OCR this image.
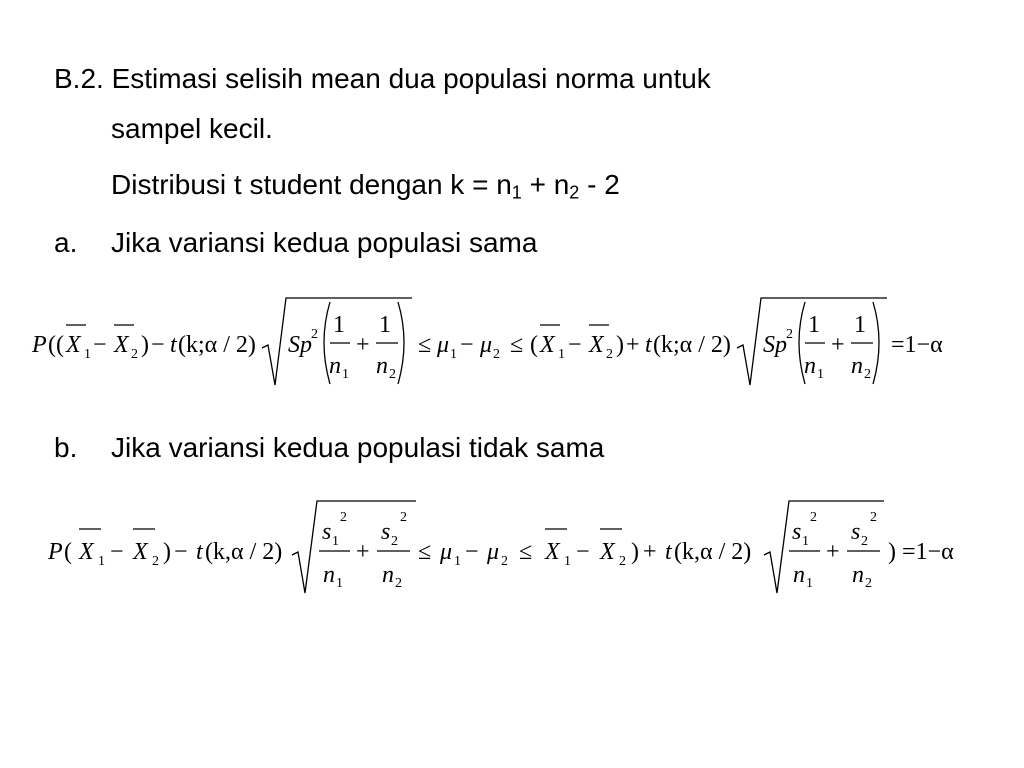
B.2. Estimasi selisih mean dua populasi norma untuk
sampel kecil.
Distribusi t student dengan $k = n_1 + n_2 - 2$
a. Jika variansi kedua populasi sama
b. Jika variansi kedua populasi tidak sama
P (( X 1 − X 2 ) − t (k;α / 2) Sp 2 1
n 1
+
1
n 2
≤ μ 1 − μ 2 ≤ ( X 1 − X 2 ) + t (k;α / 2) Sp 2 1
n 1
+
1
n 2
=1−α
P ( X 1 − X 2 ) − t (k,α / 2)
s
2
1
n 1
+
s
2
2
n 2
≤ μ 1 − μ 2 ≤ X 1 − X 2 ) + t (k,α / 2)
s
2
1
n 1
+
s
2
2
n 2
) =1−α
